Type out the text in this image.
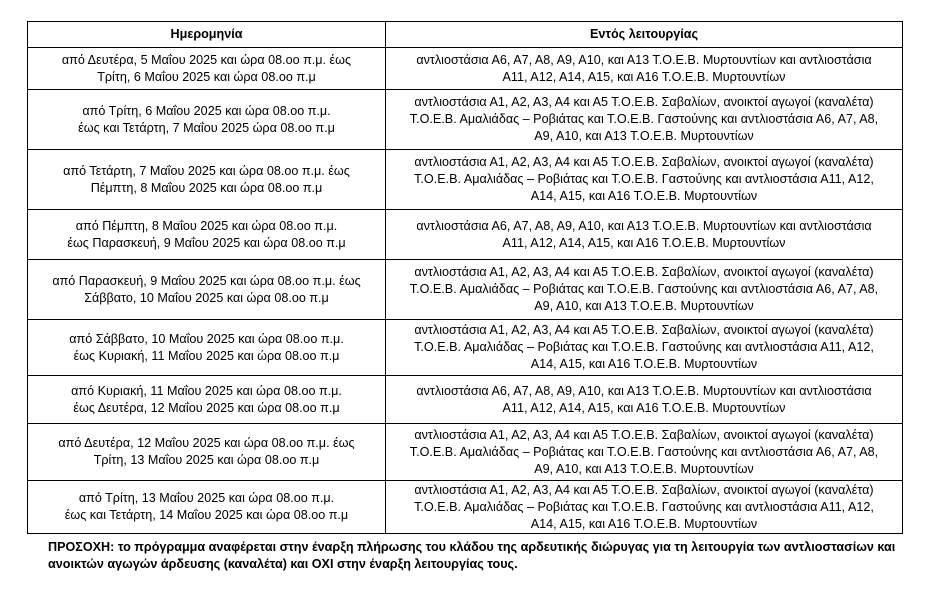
Ημερομηνία	Εντός λειτουργίας
από Δευτέρα, 5 Μαΐου 2025 και ώρα 08.οο π.μ. έως
Τρίτη, 6 Μαΐου 2025 και ώρα 08.οο π.μ	αντλιοστάσια Α6, Α7, Α8, Α9, Α10, και Α13 Τ.Ο.Ε.Β. Μυρτουντίων και αντλιοστάσια
Α11, Α12, Α14, Α15, και Α16 Τ.Ο.Ε.Β. Μυρτουντίων
από Τρίτη, 6 Μαΐου 2025 και ώρα 08.οο π.μ.
έως και Τετάρτη, 7 Μαΐου 2025 ώρα 08.οο π.μ	αντλιοστάσια Α1, Α2, Α3, Α4 και Α5 Τ.Ο.Ε.Β. Σαβαλίων, ανοικτοί αγωγοί (καναλέτα)
Τ.Ο.Ε.Β. Αμαλιάδας – Ροβιάτας και Τ.Ο.Ε.Β. Γαστούνης και αντλιοστάσια Α6, Α7, Α8,
Α9, Α10, και Α13 Τ.Ο.Ε.Β. Μυρτουντίων
από Τετάρτη, 7 Μαΐου 2025 και ώρα 08.οο π.μ. έως
Πέμπτη, 8 Μαΐου 2025 και ώρα 08.οο π.μ	αντλιοστάσια Α1, Α2, Α3, Α4 και Α5 Τ.Ο.Ε.Β. Σαβαλίων, ανοικτοί αγωγοί (καναλέτα)
Τ.Ο.Ε.Β. Αμαλιάδας – Ροβιάτας και Τ.Ο.Ε.Β. Γαστούνης και αντλιοστάσια Α11, Α12,
Α14, Α15, και Α16 Τ.Ο.Ε.Β. Μυρτουντίων
από Πέμπτη, 8 Μαΐου 2025 και ώρα 08.οο π.μ.
έως Παρασκευή, 9 Μαΐου 2025 και ώρα 08.οο π.μ	αντλιοστάσια Α6, Α7, Α8, Α9, Α10, και Α13 Τ.Ο.Ε.Β. Μυρτουντίων και αντλιοστάσια
Α11, Α12, Α14, Α15, και Α16 Τ.Ο.Ε.Β. Μυρτουντίων
από Παρασκευή, 9 Μαΐου 2025 και ώρα 08.οο π.μ. έως
Σάββατο, 10 Μαΐου 2025 και ώρα 08.οο π.μ	αντλιοστάσια Α1, Α2, Α3, Α4 και Α5 Τ.Ο.Ε.Β. Σαβαλίων, ανοικτοί αγωγοί (καναλέτα)
Τ.Ο.Ε.Β. Αμαλιάδας – Ροβιάτας και Τ.Ο.Ε.Β. Γαστούνης και αντλιοστάσια Α6, Α7, Α8,
Α9, Α10, και Α13 Τ.Ο.Ε.Β. Μυρτουντίων
από Σάββατο, 10 Μαΐου 2025 και ώρα 08.οο π.μ.
έως Κυριακή, 11 Μαΐου 2025 και ώρα 08.οο π.μ	αντλιοστάσια Α1, Α2, Α3, Α4 και Α5 Τ.Ο.Ε.Β. Σαβαλίων, ανοικτοί αγωγοί (καναλέτα)
Τ.Ο.Ε.Β. Αμαλιάδας – Ροβιάτας και Τ.Ο.Ε.Β. Γαστούνης και αντλιοστάσια Α11, Α12,
Α14, Α15, και Α16 Τ.Ο.Ε.Β. Μυρτουντίων
από Κυριακή, 11 Μαΐου 2025 και ώρα 08.οο π.μ.
έως Δευτέρα, 12 Μαΐου 2025 και ώρα 08.οο π.μ	αντλιοστάσια Α6, Α7, Α8, Α9, Α10, και Α13 Τ.Ο.Ε.Β. Μυρτουντίων και αντλιοστάσια
Α11, Α12, Α14, Α15, και Α16 Τ.Ο.Ε.Β. Μυρτουντίων
από Δευτέρα, 12 Μαΐου 2025 και ώρα 08.οο π.μ. έως
Τρίτη, 13 Μαΐου 2025 και ώρα 08.οο π.μ	αντλιοστάσια Α1, Α2, Α3, Α4 και Α5 Τ.Ο.Ε.Β. Σαβαλίων, ανοικτοί αγωγοί (καναλέτα)
Τ.Ο.Ε.Β. Αμαλιάδας – Ροβιάτας και Τ.Ο.Ε.Β. Γαστούνης και αντλιοστάσια Α6, Α7, Α8,
Α9, Α10, και Α13 Τ.Ο.Ε.Β. Μυρτουντίων
από Τρίτη, 13 Μαΐου 2025 και ώρα 08.οο π.μ.
έως και Τετάρτη, 14 Μαΐου 2025 και ώρα 08.οο π.μ	αντλιοστάσια Α1, Α2, Α3, Α4 και Α5 Τ.Ο.Ε.Β. Σαβαλίων, ανοικτοί αγωγοί (καναλέτα)
Τ.Ο.Ε.Β. Αμαλιάδας – Ροβιάτας και Τ.Ο.Ε.Β. Γαστούνης και αντλιοστάσια Α11, Α12,
Α14, Α15, και Α16 Τ.Ο.Ε.Β. Μυρτουντίων

ΠΡΟΣΟΧΗ: το πρόγραμμα αναφέρεται στην έναρξη πλήρωσης του κλάδου της αρδευτικής διώρυγας για τη λειτουργία των αντλιοστασίων και ανοικτών αγωγών άρδευσης (καναλέτα) και ΟΧΙ στην έναρξη λειτουργίας τους.
